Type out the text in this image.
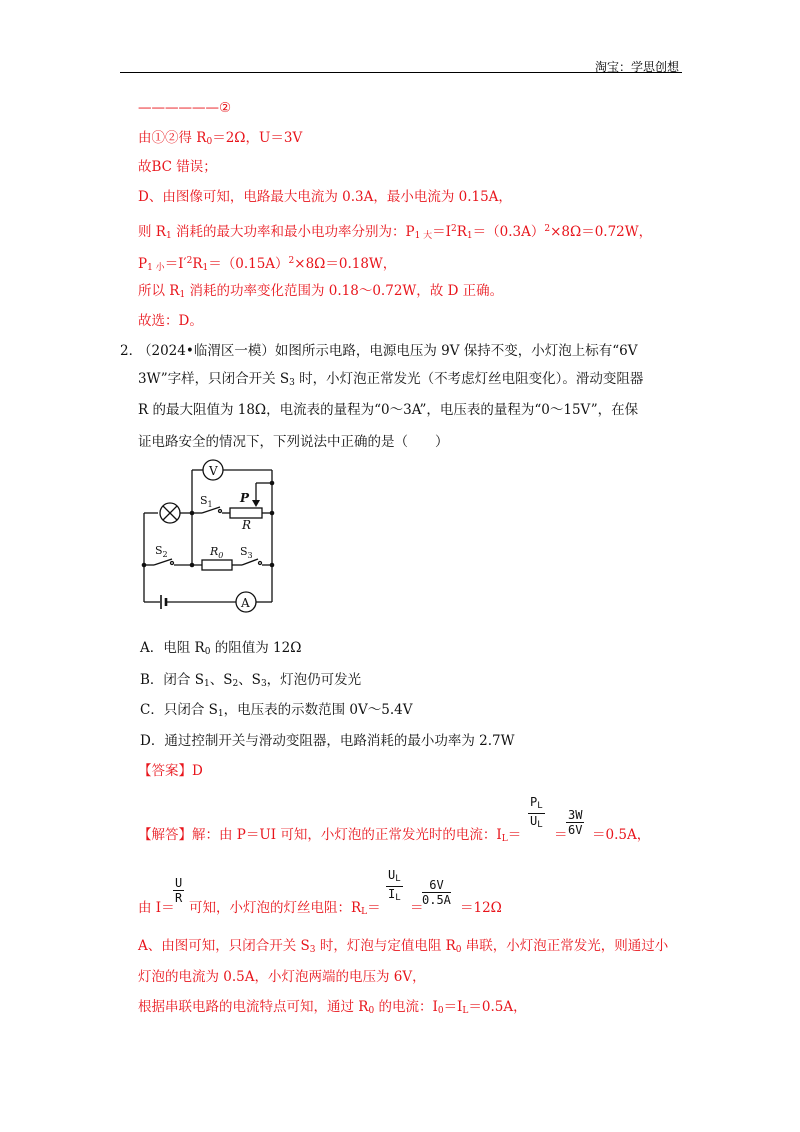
淘宝：学思创想
——————②
由①②得 $R_0=2\Omega$，U＝3V
故BC 错误；
D、由图像可知，电路最大电流为 0.3A，最小电流为 0.15A，
则 $R_1$ 消耗的最大功率和最小电功率分别为：$P_{1 大}=I^2R_1=(0.3A)^2\times 8\Omega=0.72W$，
$P_{1 小}=I'^2R_1=(0.15A)^2\times 8\Omega=0.18W$，
所以 $R_1$ 消耗的功率变化范围为 0.18～0.72W，故 D 正确。
故选：D。
2．
（2024•临渭区一模）如图所示电路，电源电压为 9V 保持不变，小灯泡上标有“6V
3W”字样，只闭合开关 $S_3$ 时，小灯泡正常发光（不考虑灯丝电阻变化）。滑动变阻器
R 的最大阻值为 18Ω，电流表的量程为“0～3A”，电压表的量程为“0～15V”，在保
证电路安全的情况下，下列说法中正确的是（　　）
V
A
$S_1$ P
R
$S_2$	$R_0$ $S_3$
A．电阻 $R_0$ 的阻值为 12Ω
B．闭合 $S_1$、$S_2$、$S_3$，灯泡仍可发光
C．只闭合 $S_1$，电压表的示数范围 0V～5.4V
D．通过控制开关与滑动变阻器，电路消耗的最小功率为 2.7W
【答案】D
【解答】解：由 P＝UI 可知，小灯泡的正常发光时的电流：$I_L=$
$\frac{P_L}{U_L}$
＝
$\frac{3W}{6V} =0.5A$，
由 I＝
$\frac{U}{R}$
可知，小灯泡的灯丝电阻：$R_L=$
$\frac{U_L}{I_L}$
＝
$\frac{6V}{0.5A}$
＝12Ω
A、由图可知，只闭合开关 $S_3$ 时，灯泡与定值电阻 $R_0$ 串联，小灯泡正常发光，则通过小
灯泡的电流为 0.5A，小灯泡两端的电压为 6V，
根据串联电路的电流特点可知，通过 $R_0$ 的电流：$I_0=I_L=0.5A$，
